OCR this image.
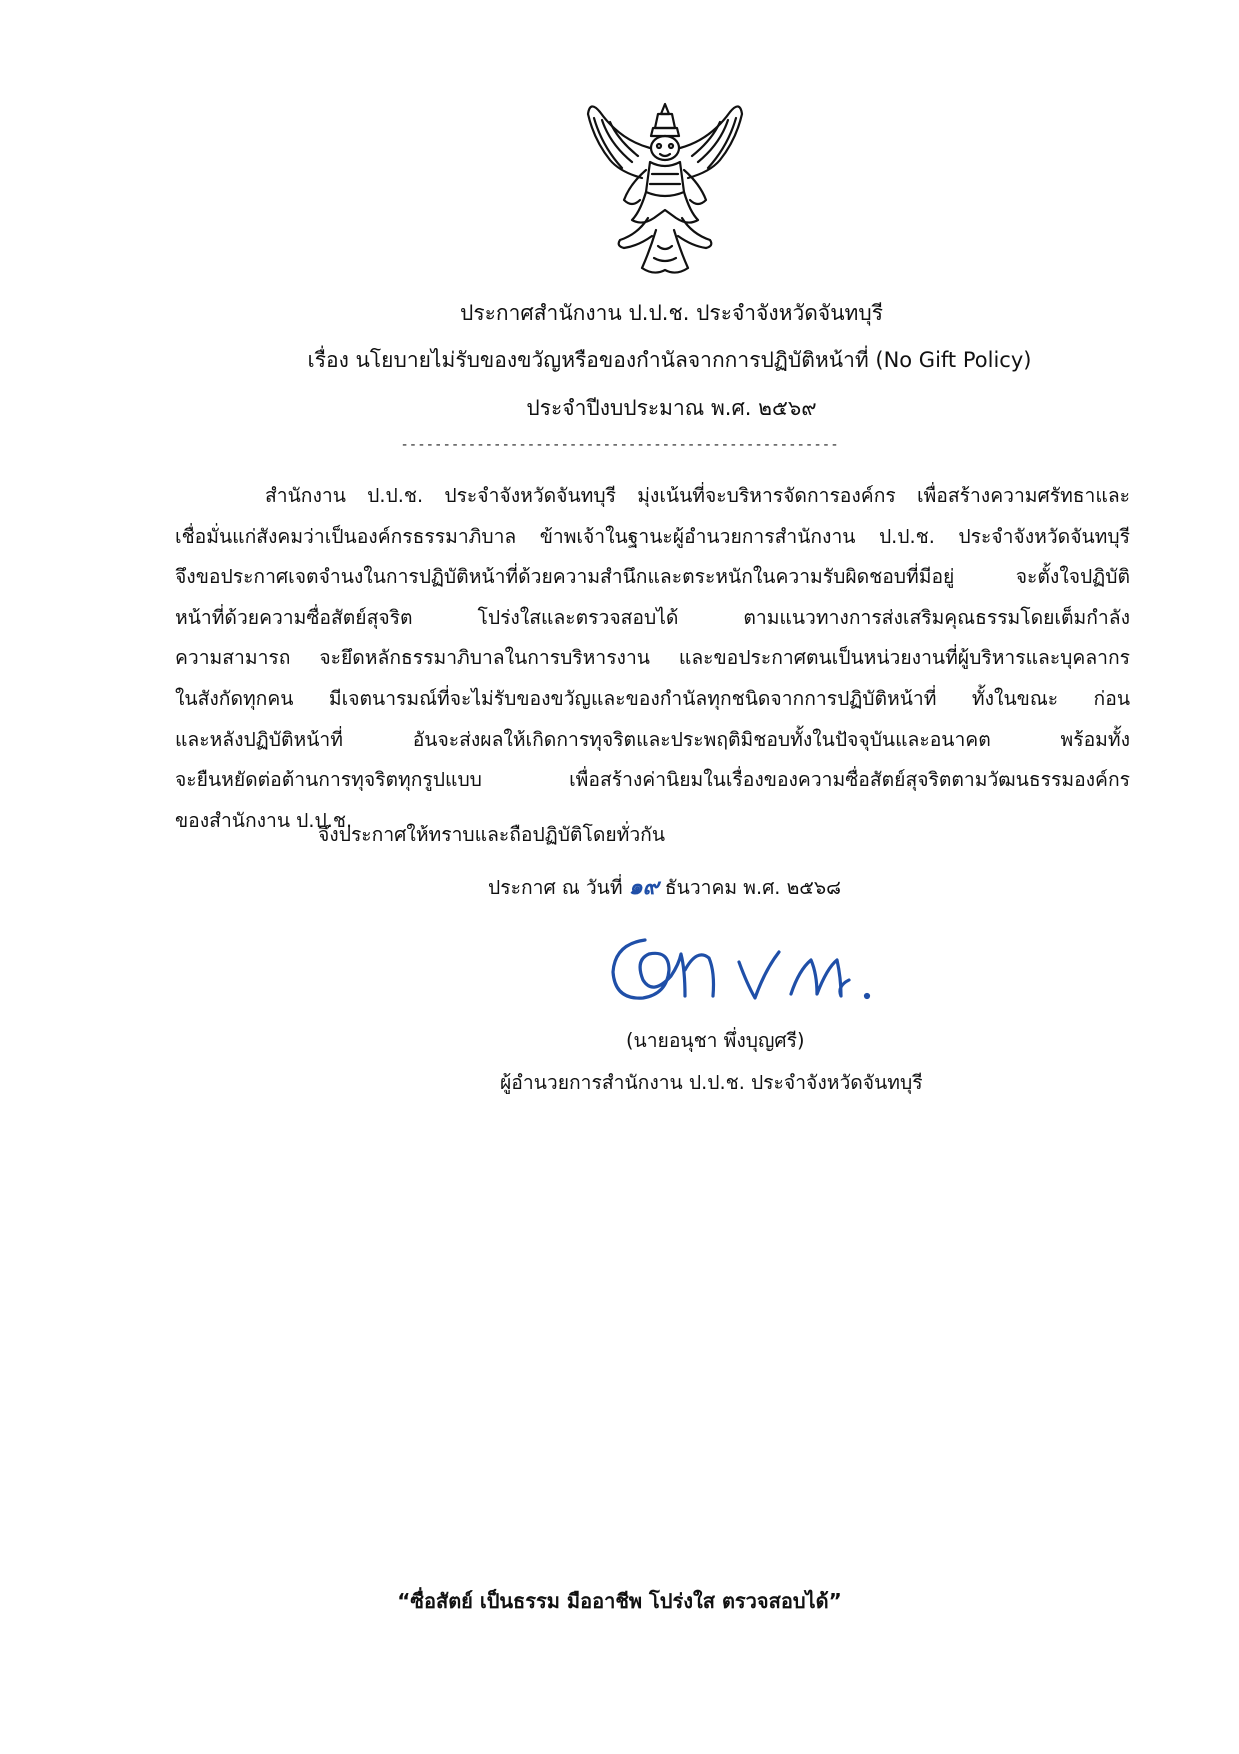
ประกาศสำนักงาน ป.ป.ช. ประจำจังหวัดจันทบุรี
เรื่อง นโยบายไม่รับของขวัญหรือของกำนัลจากการปฏิบัติหน้าที่ (No Gift Policy)
ประจำปีงบประมาณ พ.ศ. ๒๕๖๙
----------------------------------------------------
สำนักงาน ป.ป.ช. ประจำจังหวัดจันทบุรี มุ่งเน้นที่จะบริหารจัดการองค์กร เพื่อสร้างความศรัทธาและ
เชื่อมั่นแก่สังคมว่าเป็นองค์กรธรรมาภิบาล ข้าพเจ้าในฐานะผู้อำนวยการสำนักงาน ป.ป.ช. ประจำจังหวัดจันทบุรี
จึงขอประกาศเจตจำนงในการปฏิบัติหน้าที่ด้วยความสำนึกและตระหนักในความรับผิดชอบที่มีอยู่ จะตั้งใจปฏิบัติ
หน้าที่ด้วยความซื่อสัตย์สุจริต โปร่งใสและตรวจสอบได้ ตามแนวทางการส่งเสริมคุณธรรมโดยเต็มกำลัง
ความสามารถ จะยึดหลักธรรมาภิบาลในการบริหารงาน และขอประกาศตนเป็นหน่วยงานที่ผู้บริหารและบุคลากร
ในสังกัดทุกคน มีเจตนารมณ์ที่จะไม่รับของขวัญและของกำนัลทุกชนิดจากการปฏิบัติหน้าที่ ทั้งในขณะ ก่อน
และหลังปฏิบัติหน้าที่ อันจะส่งผลให้เกิดการทุจริตและประพฤติมิชอบทั้งในปัจจุบันและอนาคต พร้อมทั้ง
จะยืนหยัดต่อต้านการทุจริตทุกรูปแบบ เพื่อสร้างค่านิยมในเรื่องของความซื่อสัตย์สุจริตตามวัฒนธรรมองค์กร
ของสำนักงาน ป.ป.ช.
จึงประกาศให้ทราบและถือปฏิบัติโดยทั่วกัน
ประกาศ ณ วันที่ ๑๙ ธันวาคม พ.ศ. ๒๕๖๘
(นายอนุชา พึ่งบุญศรี)
ผู้อำนวยการสำนักงาน ป.ป.ช. ประจำจังหวัดจันทบุรี
“ซื่อสัตย์ เป็นธรรม มืออาชีพ โปร่งใส ตรวจสอบได้”
